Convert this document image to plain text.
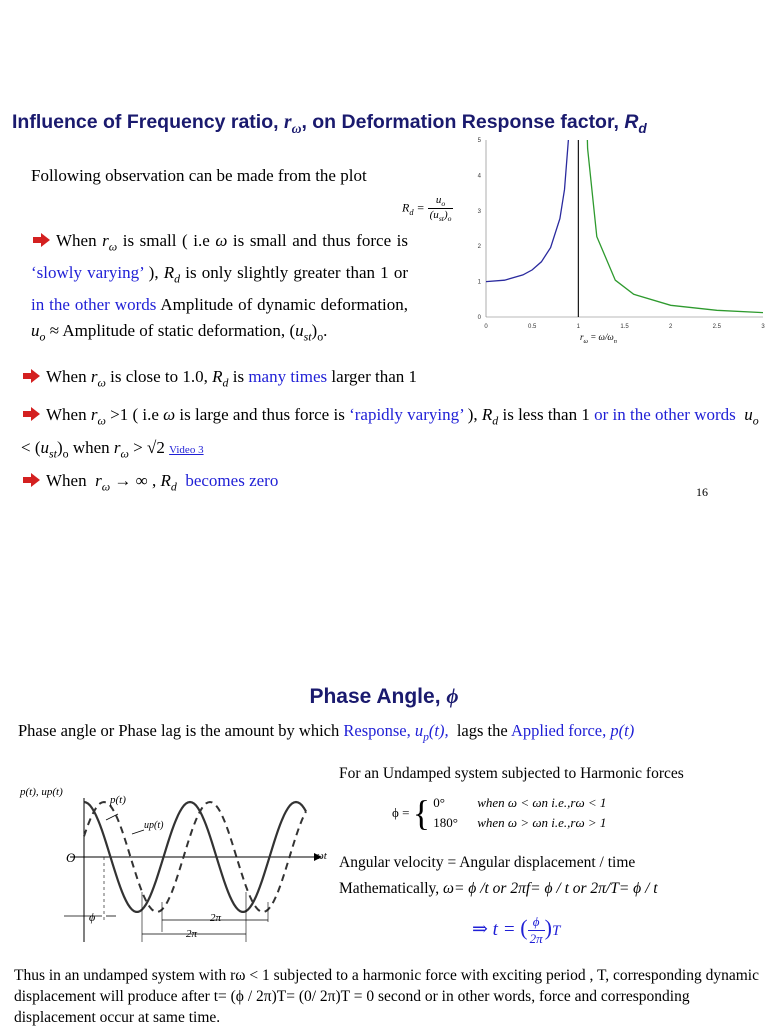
Influence of Frequency ratio, $r_\omega$, on Deformation Response factor, $R_d$
0	0.5	1	1.5	2	2.5	3
0
1
2
3
4
5
$r_\omega = \omega/\omega_n$
$R_d = \frac{u_o}{(u_{st})_o}$
Following observation can be made from the plot
When $r_\omega$ is small ( i.e ω is small and thus force is ‘slowly varying’ ), $R_d$ is only slightly greater than 1 or in the other words Amplitude of dynamic deformation, $u_o$ ≈ Amplitude of static deformation, $(u_{st})_o$.
When $r_\omega$ is close to 1.0, $R_d$ is many times larger than 1
When $r_\omega >1$ ( i.e ω is large and thus force is ‘rapidly varying’ ), $R_d$ is less than 1 or in the other words $u_o < (u_{st})_o$ when $r_\omega > √2$ Video 3
When $r_\omega$ → ∞ , $R_d$ becomes zero
16
Phase Angle, ϕ
Phase angle or Phase lag is the amount by which Response, $u_p(t)$, lags the Applied force, p(t)
p(t), up(t)
p(t)
up(t)
O	ωt
ϕ	2π
2π
For an Undamped system subjected to Harmonic forces
ϕ = { 0° when ω < ωn i.e.,rω < 1
180° when ω > ωn i.e.,rω > 1
Angular velocity = Angular displacement / time
Mathematically, ω= ϕ /t or 2πf= ϕ / t or 2π/T= ϕ / t
⇒ t = ( $\frac{\phi}{2\pi} )T$
Thus in an undamped system with rω < 1 subjected to a harmonic force with exciting period , T, corresponding dynamic displacement will produce after t= (ϕ / 2π)T= (0/ 2π)T = 0 second or in other words, force and corresponding displacement occur at same time.
